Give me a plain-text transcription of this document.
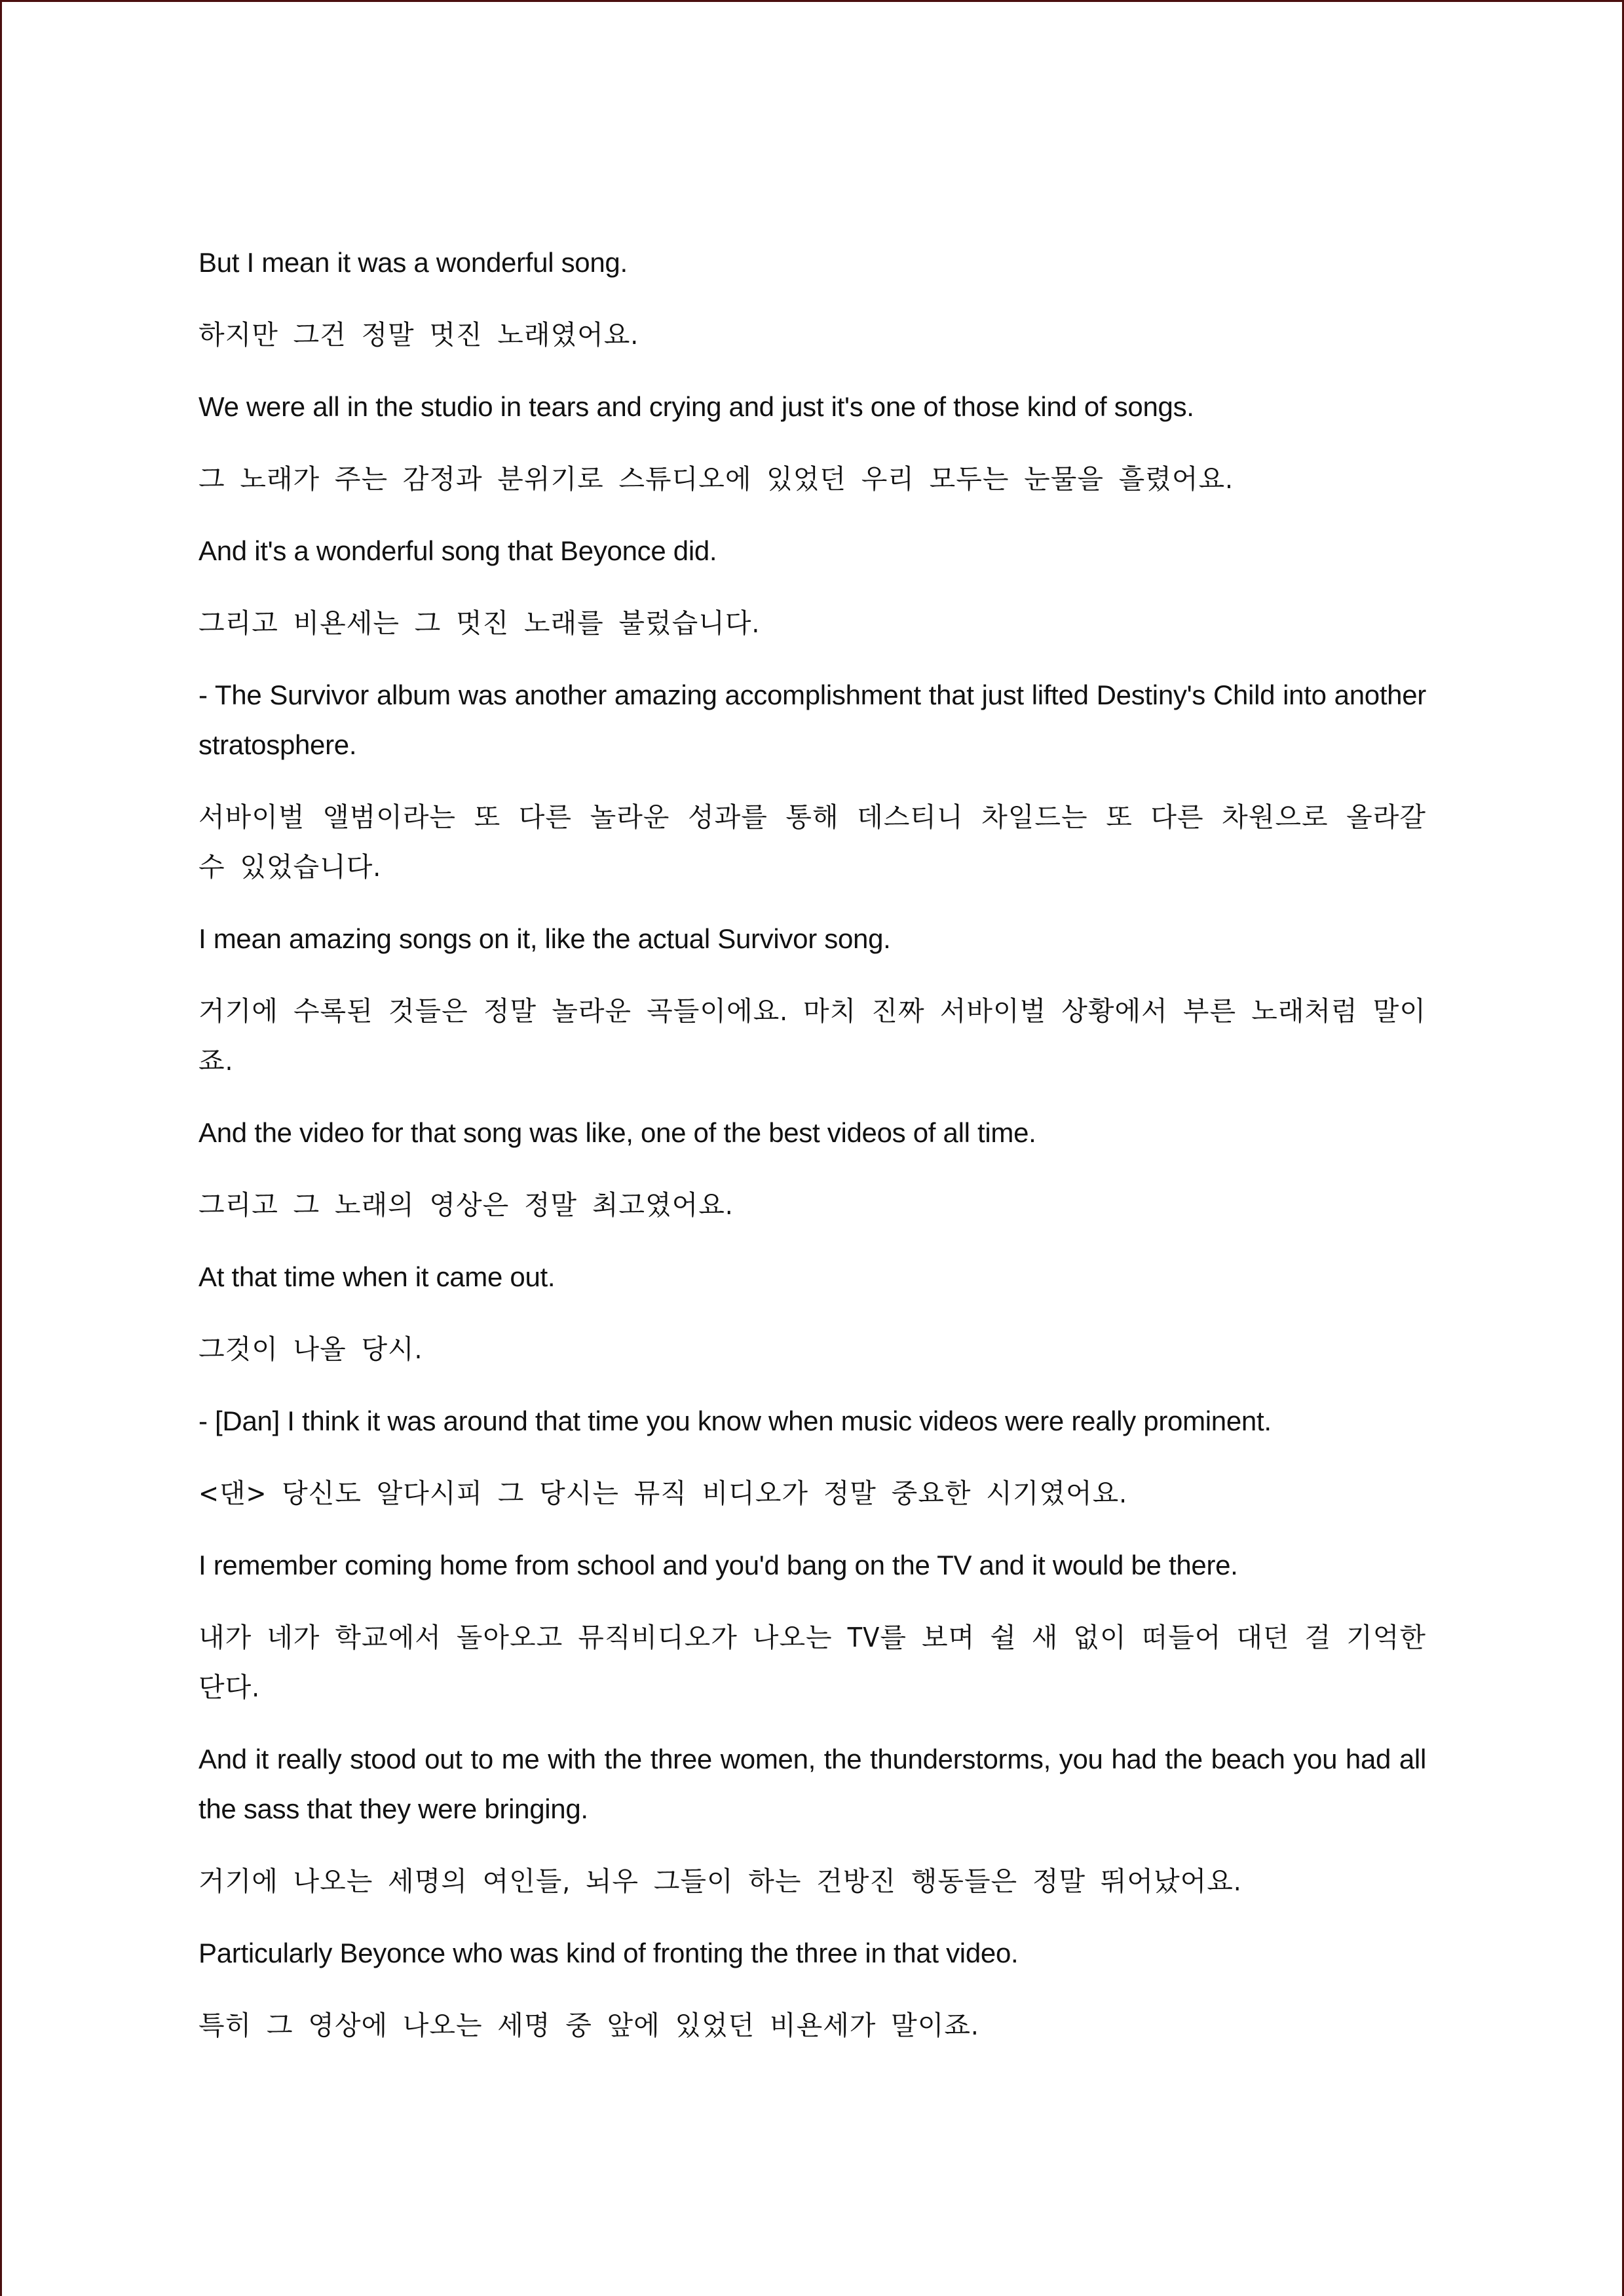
But I mean it was a wonderful song.

하지만 그건 정말 멋진 노래였어요.

We were all in the studio in tears and crying and just it's one of those kind of songs.

그 노래가 주는 감정과 분위기로 스튜디오에 있었던 우리 모두는 눈물을 흘렸어요.

And it's a wonderful song that Beyonce did.

그리고 비욘세는 그 멋진 노래를 불렀습니다.

- The Survivor album was another amazing accomplishment that just lifted Destiny's Child into another stratosphere.

서바이벌 앨범이라는 또 다른 놀라운 성과를 통해 데스티니 차일드는 또 다른 차원으로 올라갈 수 있었습니다.

I mean amazing songs on it, like the actual Survivor song.

거기에 수록된 것들은 정말 놀라운 곡들이에요. 마치 진짜 서바이벌 상황에서 부른 노래처럼 말이죠.

And the video for that song was like, one of the best videos of all time.

그리고 그 노래의 영상은 정말 최고였어요.

At that time when it came out.

그것이 나올 당시.

- [Dan] I think it was around that time you know when music videos were really prominent.

<댄> 당신도 알다시피 그 당시는 뮤직 비디오가 정말 중요한 시기였어요.

I remember coming home from school and you'd bang on the TV and it would be there.

내가 네가 학교에서 돌아오고 뮤직비디오가 나오는 TV를 보며 쉴 새 없이 떠들어 대던 걸 기억한단다.

And it really stood out to me with the three women, the thunderstorms, you had the beach you had all the sass that they were bringing.

거기에 나오는 세명의 여인들, 뇌우 그들이 하는 건방진 행동들은 정말 뛰어났어요.

Particularly Beyonce who was kind of fronting the three in that video.

특히 그 영상에 나오는 세명 중 앞에 있었던 비욘세가 말이죠.
